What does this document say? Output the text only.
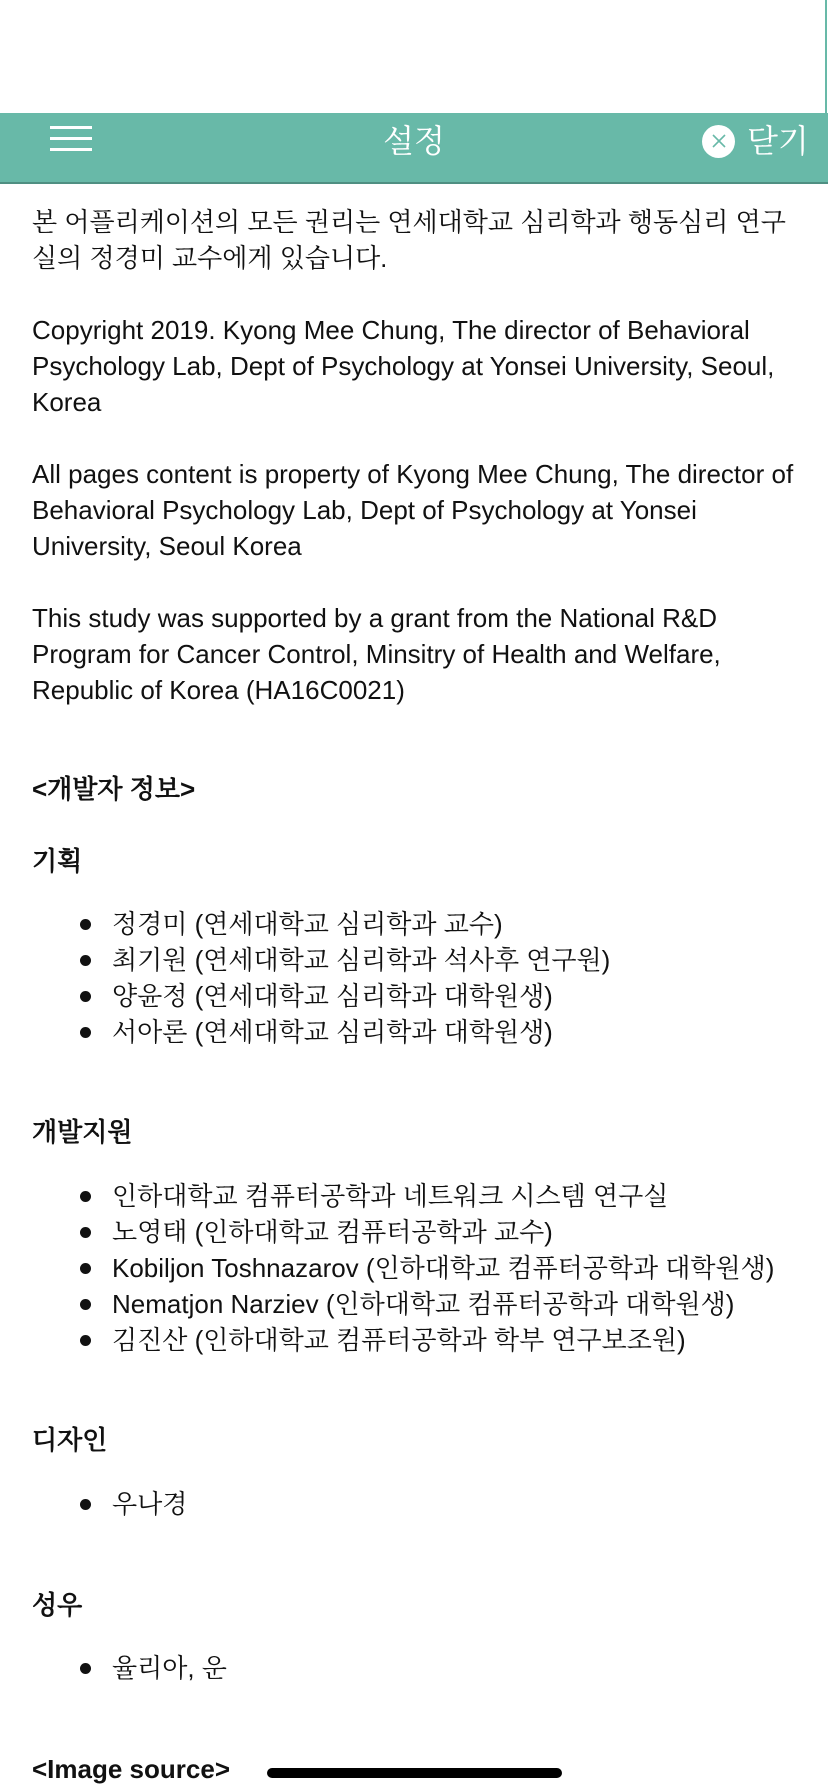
설정	닫기
본 어플리케이션의 모든 권리는 연세대학교 심리학과 행동심리 연구실의 정경미 교수에게 있습니다.
Copyright 2019. Kyong Mee Chung, The director of Behavioral Psychology Lab, Dept of Psychology at Yonsei University, Seoul, Korea
All pages content is property of Kyong Mee Chung, The director of Behavioral Psychology Lab, Dept of Psychology at Yonsei University, Seoul Korea
This study was supported by a grant from the National R&D Program for Cancer Control, Minsitry of Health and Welfare, Republic of Korea (HA16C0021)
<개발자 정보>
기획
정경미 (연세대학교 심리학과 교수)
최기원 (연세대학교 심리학과 석사후 연구원)
양윤정 (연세대학교 심리학과 대학원생)
서아론 (연세대학교 심리학과 대학원생)
개발지원
인하대학교 컴퓨터공학과 네트워크 시스템 연구실
노영태 (인하대학교 컴퓨터공학과 교수)
Kobiljon Toshnazarov (인하대학교 컴퓨터공학과 대학원생)
Nematjon Narziev (인하대학교 컴퓨터공학과 대학원생)
김진산 (인하대학교 컴퓨터공학과 학부 연구보조원)
디자인
우나경
성우
율리아, 운
<Image source>
